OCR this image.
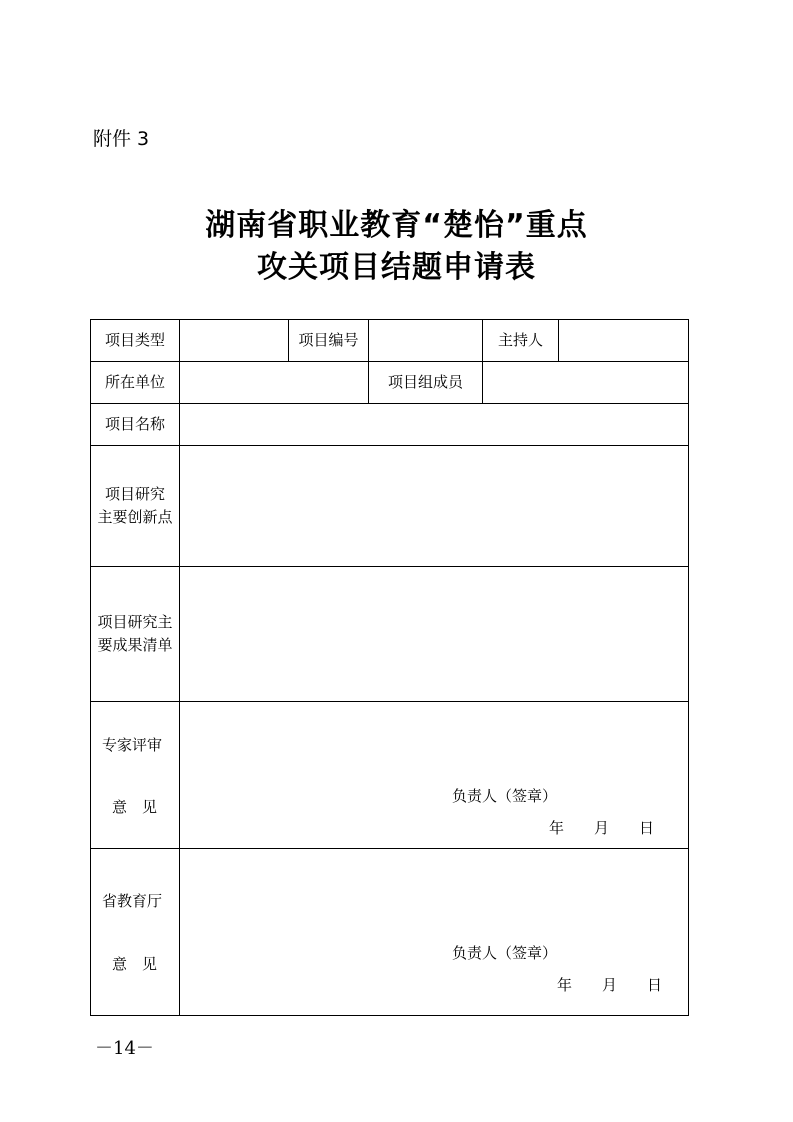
附件 3
湖南省职业教育“楚怡”重点
攻关项目结题申请表
项目类型	项目编号	主持人
所在单位	项目组成员
项目名称
项目研究
主要创新点
项目研究主
要成果清单
专家评审
意　见
负责人（签章）
年　　月　　日
省教育厅
意　见
负责人（签章）
年　　月　　日
－14－
